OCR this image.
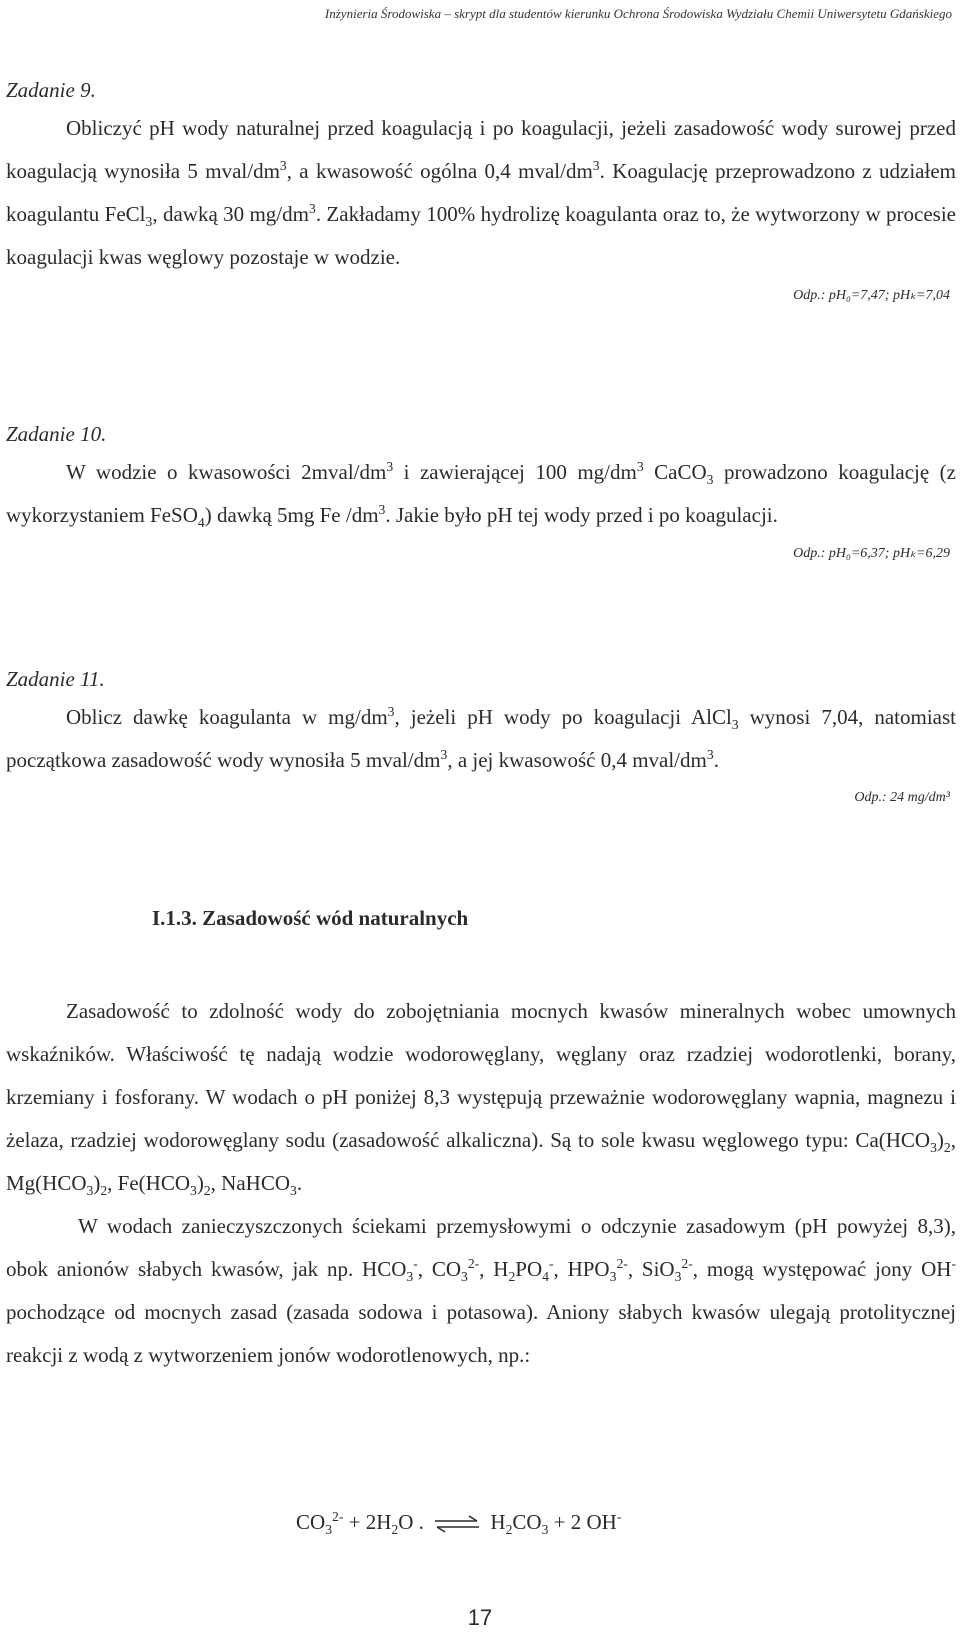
Inżynieria Środowiska – skrypt dla studentów kierunku Ochrona Środowiska Wydziału Chemii Uniwersytetu Gdańskiego
Zadanie 9.

Obliczyć pH wody naturalnej przed koagulacją i po koagulacji, jeżeli zasadowość wody surowej przed koagulacją wynosiła 5 mval/$dm^3$, a kwasowość ogólna 0,4 mval/$dm^3$. Koagulację przeprowadzono z udziałem koagulantu FeCl$_3$, dawką 30 $mg/dm^3$. Zakładamy 100% hydrolizę koagulanta oraz to, że wytworzony w procesie koagulacji kwas węglowy pozostaje w wodzie.

Odp.: pH₀=7,47; pHₖ=7,04
Zadanie 10.

W wodzie o kwasowości $2mval/dm^3$ i zawierającej 100 $mg/dm^3$ CaCO$_3$ prowadzono koagulację (z wykorzystaniem FeSO$_4$) dawką 5mg Fe $/dm^3$. Jakie było pH tej wody przed i po koagulacji.

Odp.: pH₀=6,37; pHₖ=6,29
Zadanie 11.

Oblicz dawkę koagulanta w $mg/dm^3$, jeżeli pH wody po koagulacji AlCl$_3$ wynosi 7,04, natomiast początkowa zasadowość wody wynosiła 5 mval/$dm^3$, a jej kwasowość 0,4 mval/$dm^3$.

Odp.: 24 mg/dm³
I.1.3. Zasadowość wód naturalnych

Zasadowość to zdolność wody do zobojętniania mocnych kwasów mineralnych wobec umownych wskaźników. Właściwość tę nadają wodzie wodorowęglany, węglany oraz rzadziej wodorotlenki, borany, krzemiany i fosforany. W wodach o pH poniżej 8,3 występują przeważnie wodorowęglany wapnia, magnezu i żelaza, rzadziej wodorowęglany sodu (zasadowość alkaliczna). Są to sole kwasu węglowego typu: $Ca(HCO_3)_2$, $Mg(HCO_3)_2$, $Fe(HCO_3)_2$, NaHCO$_3$.

W wodach zanieczyszczonych ściekami przemysłowymi o odczynie zasadowym (pH powyżej 8,3), obok anionów słabych kwasów, jak np. $HCO_3^-$, $CO_3^{2-}$, $H_2PO_4^-$, $HPO_3^{2-}$, SiO$_3^{2-}$, mogą występować jony OH- pochodzące od mocnych zasad (zasada sodowa i potasowa). Aniony słabych kwasów ulegają protolitycznej reakcji z wodą z wytworzeniem jonów wodorotlenowych, np.:

$CO_3^{2-} + 2H_2O$ . ⇌ $H_2CO_3 + 2$ OH-
17
